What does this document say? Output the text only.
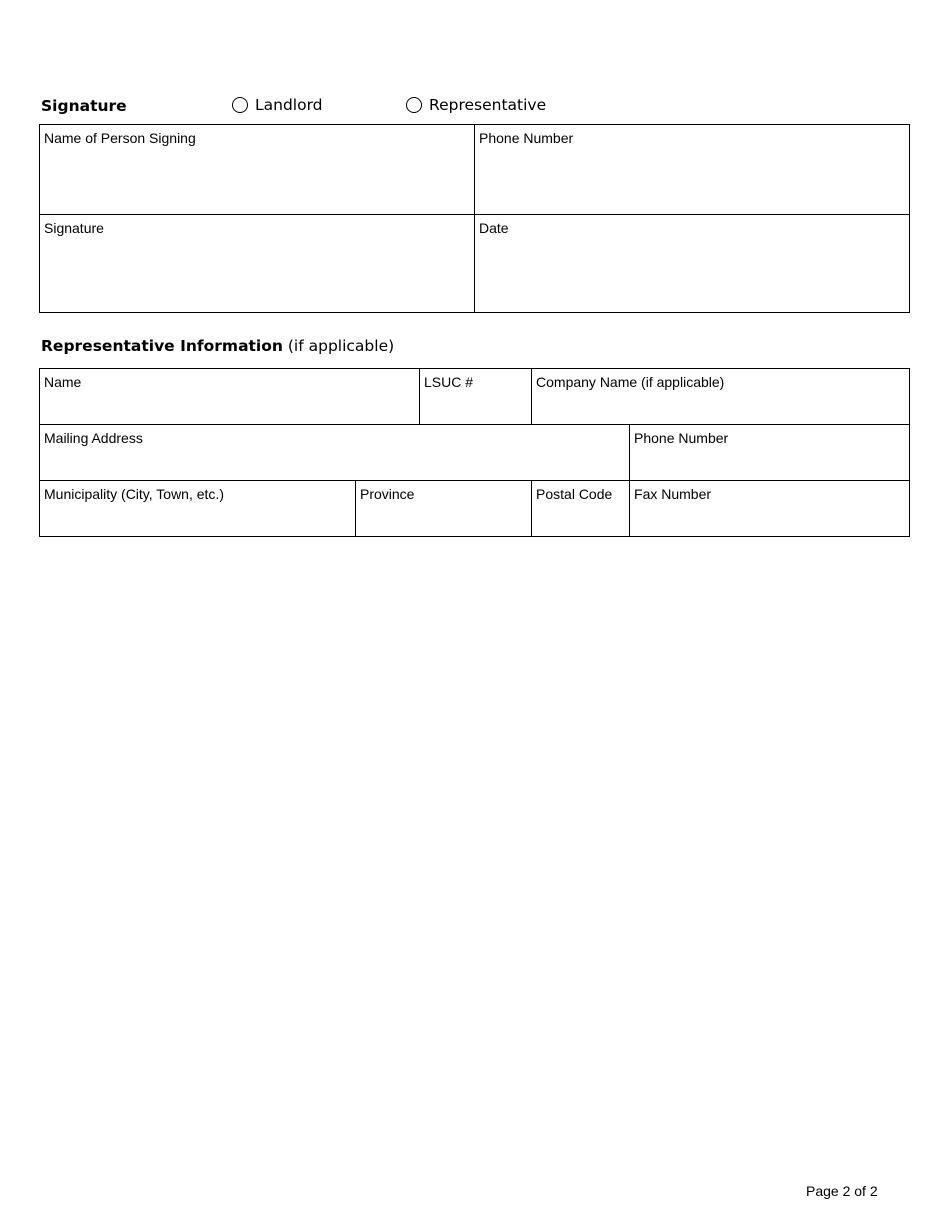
Signature	Landlord	Representative
Name of Person Signing	Phone Number
Signature	Date
Representative Information (if applicable)
Name		LSUC #	Company Name (if applicable)	
Mailing Address				Phone Number
Municipality (City, Town, etc.)	Province		Postal Code	Fax Number
Page 2 of 2
